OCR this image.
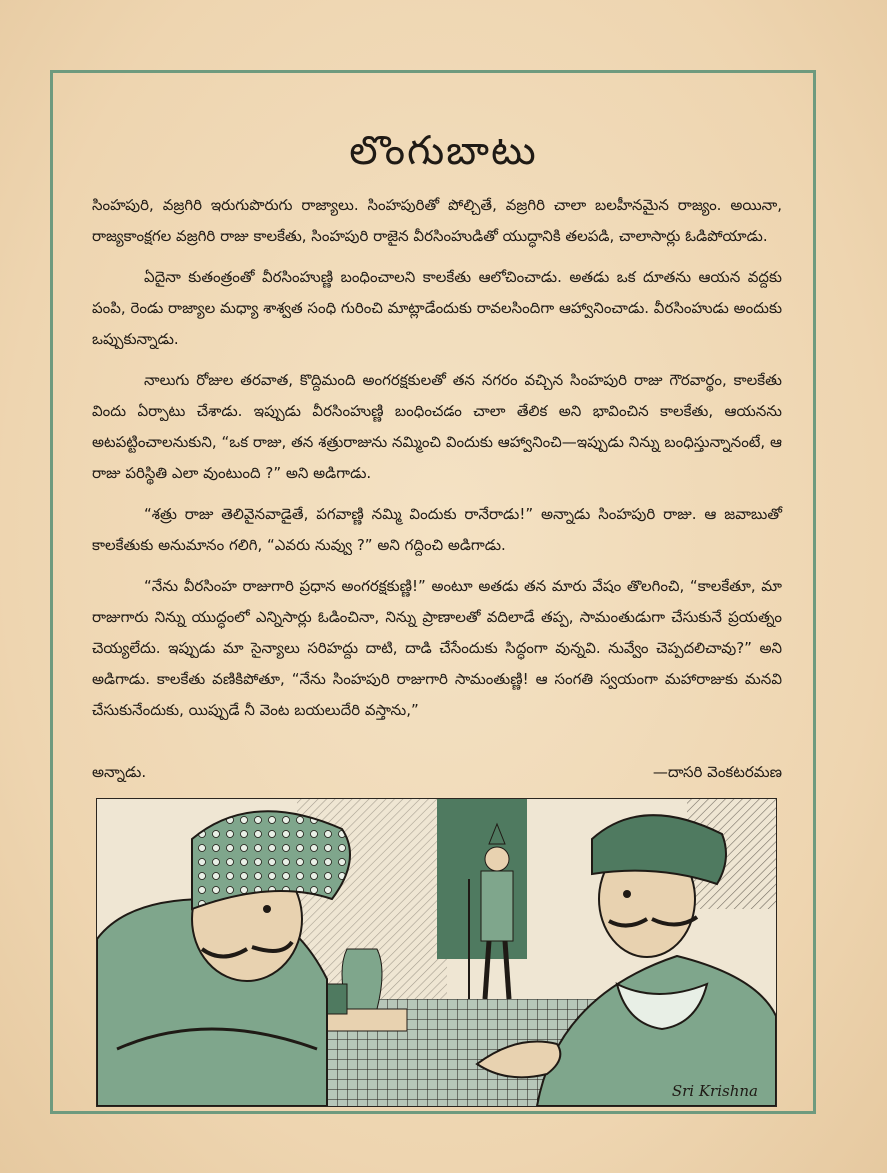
లొంగుబాటు

సింహపురి, వజ్రగిరి ఇరుగుపొరుగు రాజ్యాలు. సింహపురితో పోల్చితే, వజ్రగిరి చాలా బలహీనమైన రాజ్యం. అయినా, రాజ్యకాంక్షగల వజ్రగిరి రాజు కాలకేతు, సింహపురి రాజైన వీరసింహుడితో యుద్ధానికి తలపడి, చాలాసార్లు ఓడిపోయాడు.

ఏదైనా కుతంత్రంతో వీరసింహుణ్ణి బంధించాలని కాలకేతు ఆలోచించాడు. అతడు ఒక దూతను ఆయన వద్దకు పంపి, రెండు రాజ్యాల మధ్యా శాశ్వత సంధి గురించి మాట్లాడేందుకు రావలసిందిగా ఆహ్వానించాడు. వీరసింహుడు అందుకు ఒప్పుకున్నాడు.

నాలుగు రోజుల తరవాత, కొద్దిమంది అంగరక్షకులతో తన నగరం వచ్చిన సింహపురి రాజు గౌరవార్థం, కాలకేతు విందు ఏర్పాటు చేశాడు. ఇప్పుడు వీరసింహుణ్ణి బంధించడం చాలా తేలిక అని భావించిన కాలకేతు, ఆయనను అటపట్టించాలనుకుని, “ఒక రాజు, తన శత్రురాజును నమ్మించి విందుకు ఆహ్వానించి—ఇప్పుడు నిన్ను బంధిస్తున్నానంటే, ఆ రాజు పరిస్థితి ఎలా వుంటుంది ?” అని అడిగాడు.

“శత్రు రాజు తెలివైనవాడైతే, పగవాణ్ణి నమ్మి విందుకు రానేరాడు!” అన్నాడు సింహపురి రాజు. ఆ జవాబుతో కాలకేతుకు అనుమానం గలిగి, “ఎవరు నువ్వు ?” అని గద్దించి అడిగాడు.

“నేను వీరసింహ రాజుగారి ప్రధాన అంగరక్షకుణ్ణి!” అంటూ అతడు తన మారు వేషం తొలగించి, “కాలకేతూ, మా రాజుగారు నిన్ను యుద్ధంలో ఎన్నిసార్లు ఓడించినా, నిన్ను ప్రాణాలతో వదిలాడే తప్ప, సామంతుడుగా చేసుకునే ప్రయత్నం చెయ్యలేదు. ఇప్పుడు మా సైన్యాలు సరిహద్దు దాటి, దాడి చేసేందుకు సిద్ధంగా వున్నవి. నువ్వేం చెప్పదలిచావు?” అని అడిగాడు. కాలకేతు వణికిపోతూ, “నేను సింహపురి రాజుగారి సామంతుణ్ణి! ఆ సంగతి స్వయంగా మహారాజుకు మనవి చేసుకునేందుకు, యిప్పుడే నీ వెంట బయలుదేరి వస్తాను,”

అన్నాడు.	—దాసరి వెంకటరమణ
Sri Krishna
